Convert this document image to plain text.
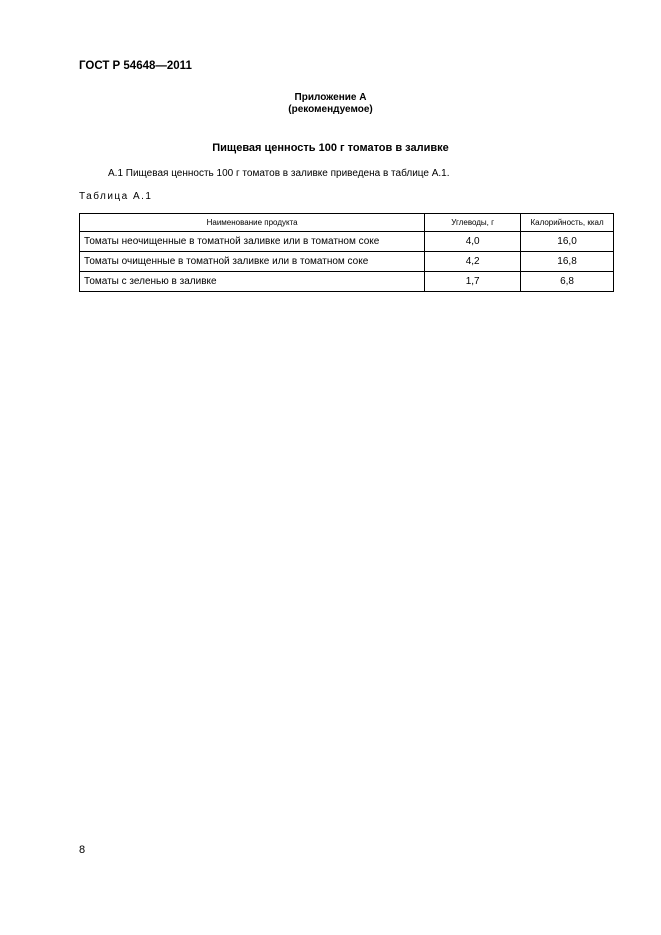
ГОСТ Р 54648—2011
Приложение А
(рекомендуемое)
Пищевая ценность 100 г томатов в заливке
А.1 Пищевая ценность 100 г томатов в заливке приведена в таблице А.1.
Таблица А.1
Наименование продукта	Углеводы, г	Калорийность, ккал
Томаты неочищенные в томатной заливке или в томатном соке	4,0	16,0
Томаты очищенные в томатной заливке или в томатном соке	4,2	16,8
Томаты с зеленью в заливке	1,7	6,8
8
